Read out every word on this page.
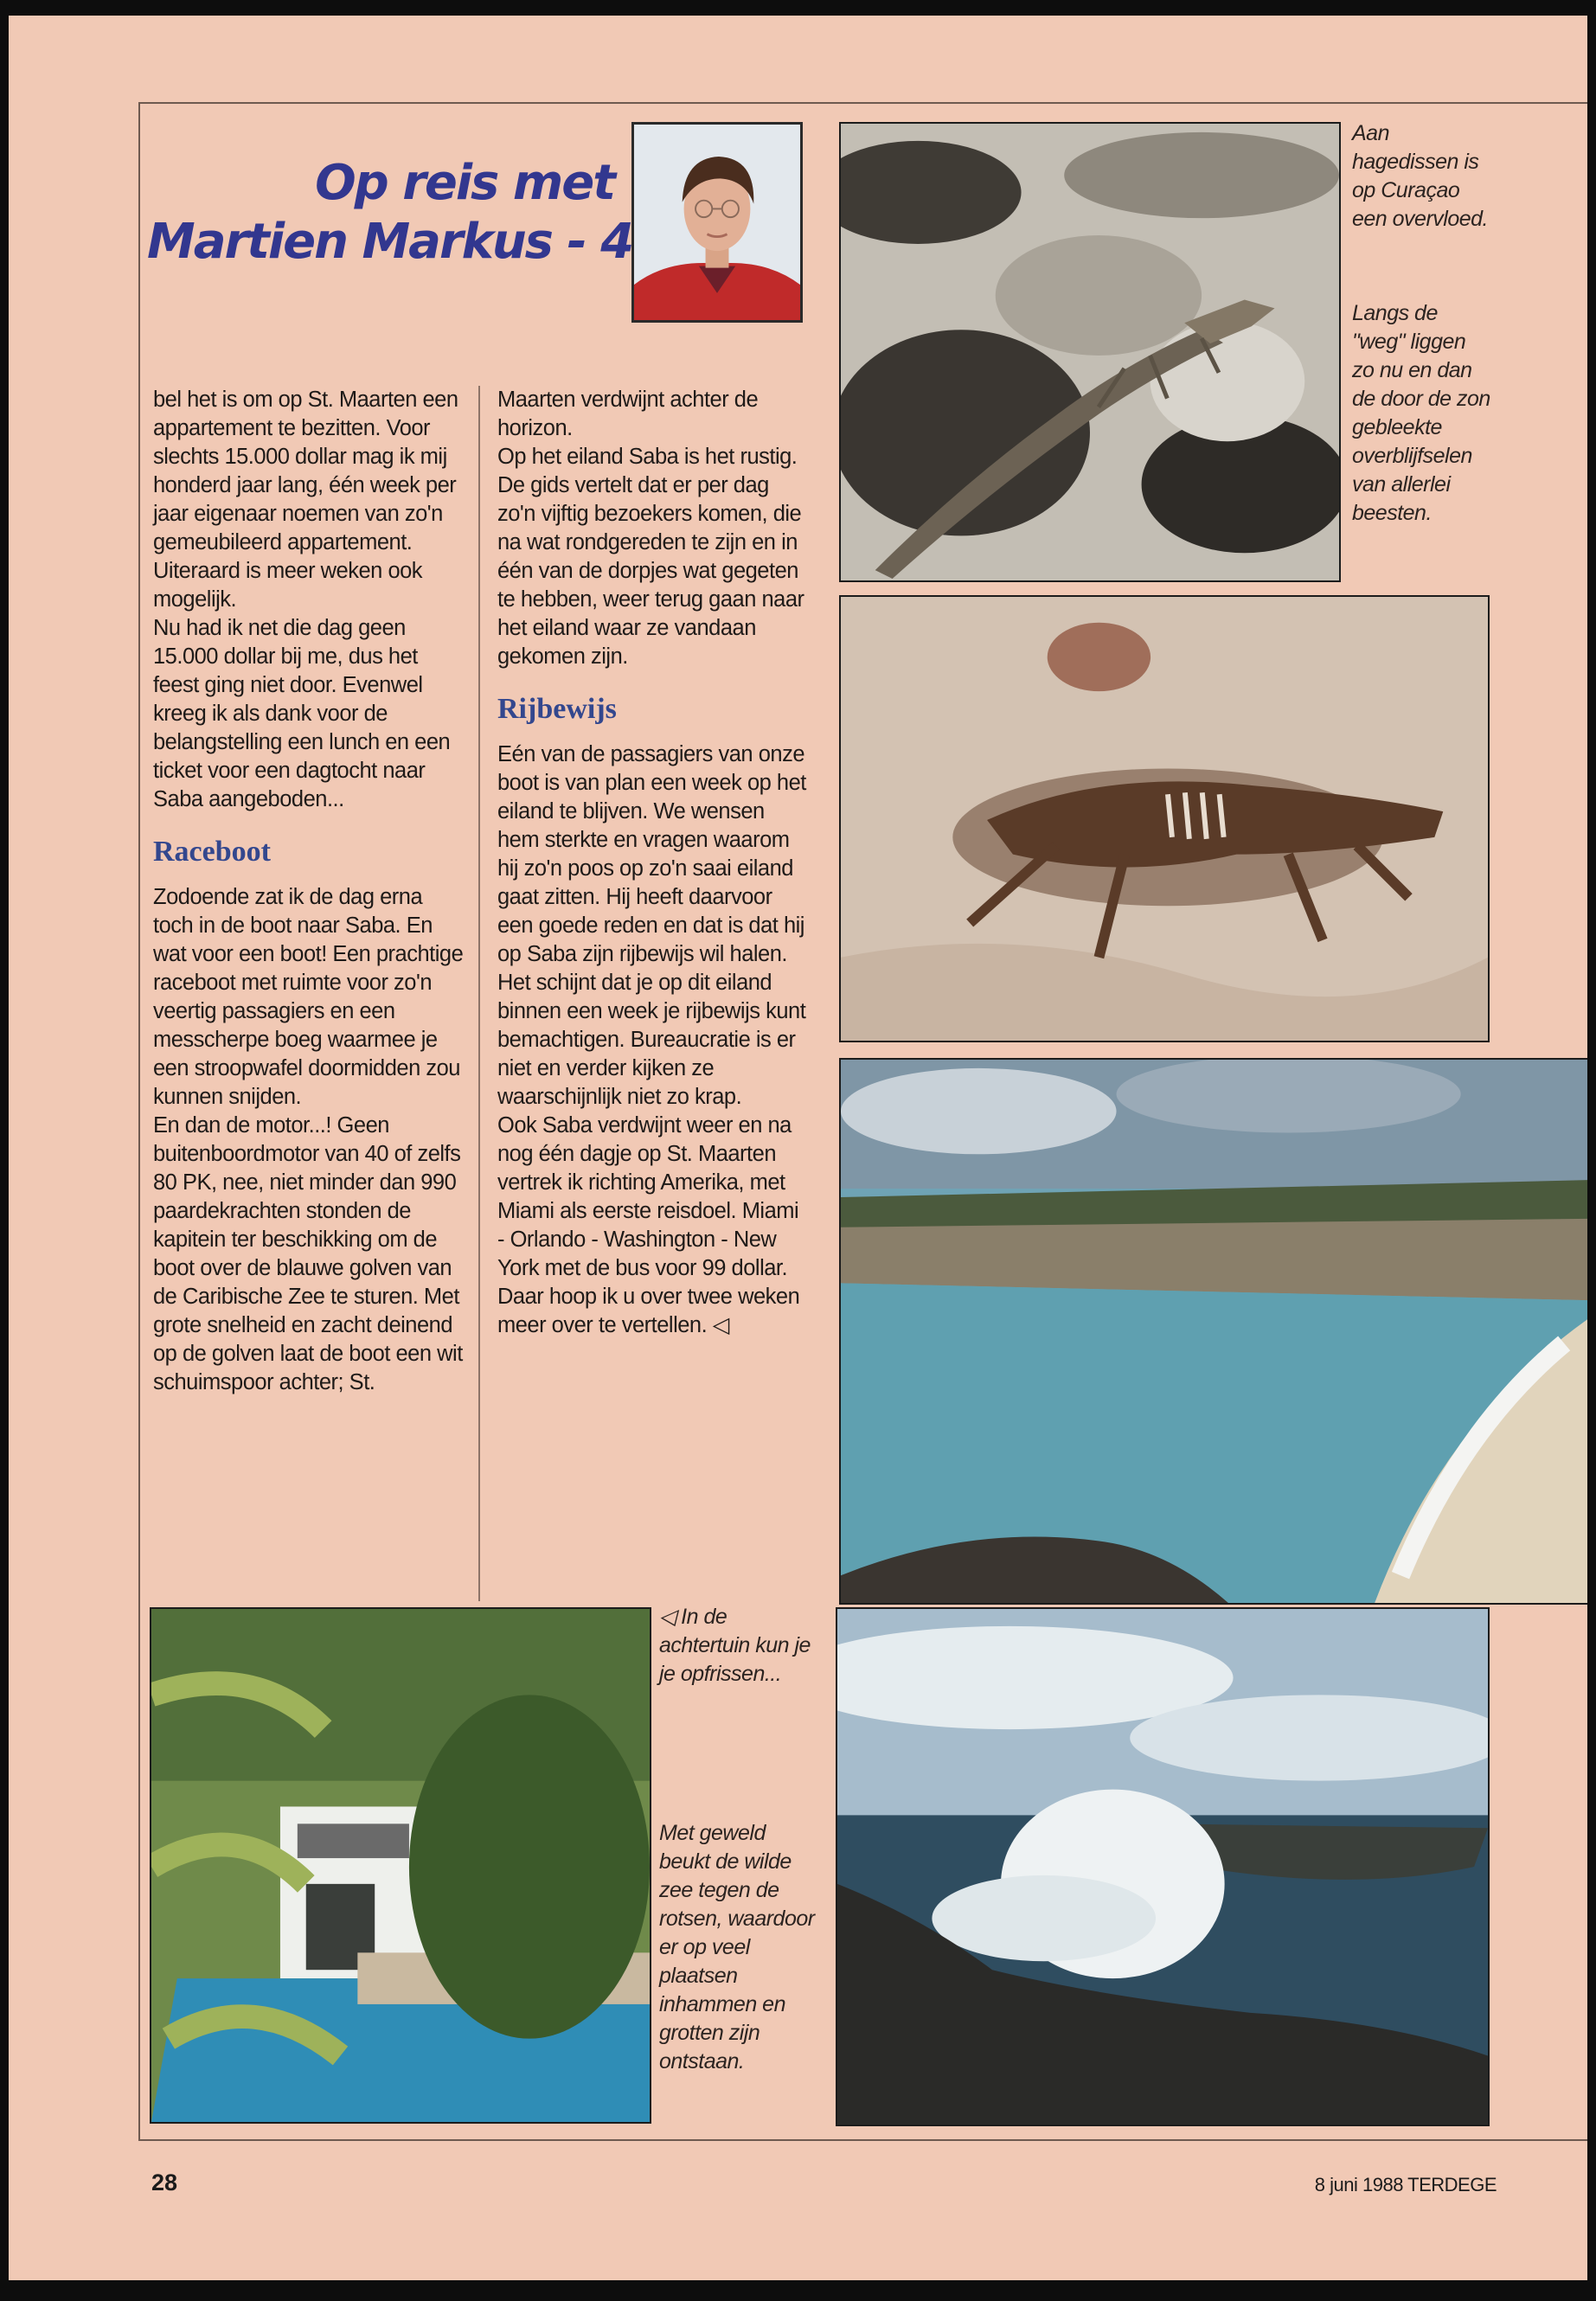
Op reis met
Martien Markus - 4

bel het is om op St. Maarten een appartement te bezitten. Voor slechts 15.000 dollar mag ik mij honderd jaar lang, één week per jaar eigenaar noemen van zo'n gemeubileerd appartement. Uiteraard is meer weken ook mogelijk.

Nu had ik net die dag geen 15.000 dollar bij me, dus het feest ging niet door. Evenwel kreeg ik als dank voor de belangstelling een lunch en een ticket voor een dagtocht naar Saba aangeboden...

Raceboot

Zodoende zat ik de dag erna toch in de boot naar Saba. En wat voor een boot! Een prachtige raceboot met ruimte voor zo'n veertig passagiers en een messcherpe boeg waarmee je een stroopwafel doormidden zou kunnen snijden.

En dan de motor...! Geen buitenboordmotor van 40 of zelfs 80 PK, nee, niet minder dan 990 paardekrachten stonden de kapitein ter beschikking om de boot over de blauwe golven van de Caribische Zee te sturen. Met grote snelheid en zacht deinend op de golven laat de boot een wit schuimspoor achter; St.

Maarten verdwijnt achter de horizon.

Op het eiland Saba is het rustig. De gids vertelt dat er per dag zo'n vijftig bezoekers komen, die na wat rondgereden te zijn en in één van de dorpjes wat gegeten te hebben, weer terug gaan naar het eiland waar ze vandaan gekomen zijn.

Rijbewijs

Eén van de passagiers van onze boot is van plan een week op het eiland te blijven. We wensen hem sterkte en vragen waarom hij zo'n poos op zo'n saai eiland gaat zitten. Hij heeft daarvoor een goede reden en dat is dat hij op Saba zijn rijbewijs wil halen. Het schijnt dat je op dit eiland binnen een week je rijbewijs kunt bemachtigen. Bureaucratie is er niet en verder kijken ze waarschijnlijk niet zo krap.

Ook Saba verdwijnt weer en na nog één dagje op St. Maarten vertrek ik richting Amerika, met Miami als eerste reisdoel. Miami - Orlando - Washington - New York met de bus voor 99 dollar.

Daar hoop ik u over twee weken meer over te vertellen. ◁

Aan hagedissen is op Curaçao een overvloed.
Langs de "weg" liggen zo nu en dan de door de zon gebleekte overblijfselen van allerlei beesten.
◁ In de achtertuin kun je je opfrissen...
Met geweld beukt de wilde zee tegen de rotsen, waardoor er op veel plaatsen inhammen en grotten zijn ontstaan.
28	8 juni 1988 TERDEGE
